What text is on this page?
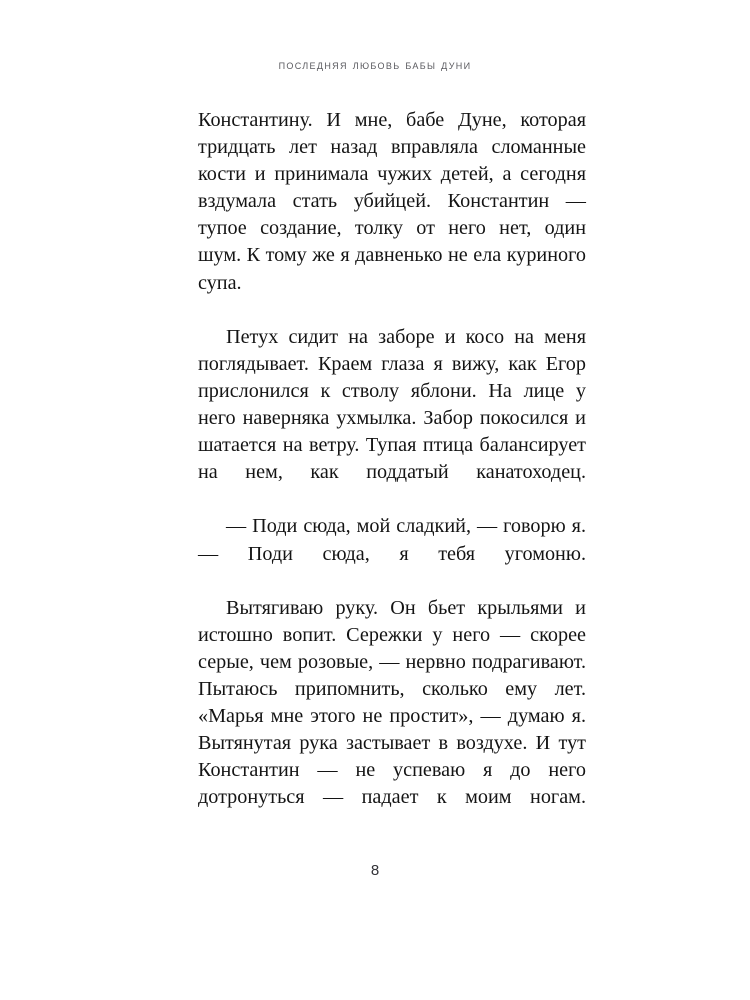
последняя любовь бабы дуни

Константину. И мне, бабе Дуне, которая тридцать лет назад вправляла сломанные кости и принимала чужих детей, а сегодня вздумала стать убийцей. Константин — тупое создание, толку от него нет, один шум. К тому же я давненько не ела куриного супа.

Петух сидит на заборе и косо на меня поглядывает. Краем глаза я вижу, как Егор прислонился к стволу яблони. На лице у него наверняка ухмылка. Забор покосился и шатается на ветру. Тупая птица балансирует на нем, как поддатый канатоходец.

— Поди сюда, мой сладкий, — говорю я. — Поди сюда, я тебя угомоню.

Вытягиваю руку. Он бьет крыльями и истошно вопит. Сережки у него — скорее серые, чем розовые, — нервно подрагивают. Пытаюсь припомнить, сколько ему лет. «Марья мне этого не простит», — думаю я. Вытянутая рука застывает в воздухе. И тут Константин — не успеваю я до него дотронуться — падает к моим ногам.

8
